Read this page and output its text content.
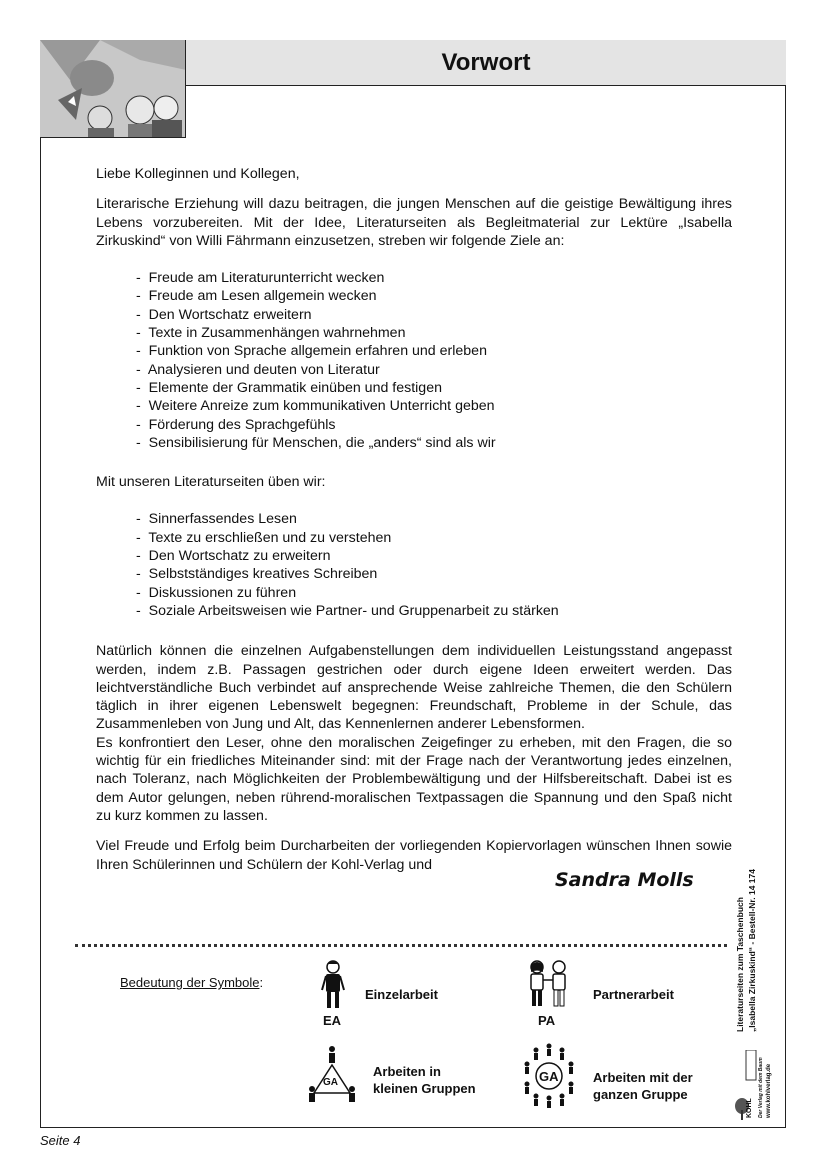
Vorwort

Liebe Kolleginnen und Kollegen,

Literarische Erziehung will dazu beitragen, die jungen Menschen auf die geistige Bewältigung ihres Lebens vorzubereiten. Mit der Idee, Literaturseiten als Begleitmaterial zur Lektüre „Isabella Zirkuskind“ von Willi Fährmann einzusetzen, streben wir folgende Ziele an:

- Freude am Literaturunterricht wecken
- Freude am Lesen allgemein wecken
- Den Wortschatz erweitern
- Texte in Zusammenhängen wahrnehmen
- Funktion von Sprache allgemein erfahren und erleben
- Analysieren und deuten von Literatur
- Elemente der Grammatik einüben und festigen
- Weitere Anreize zum kommunikativen Unterricht geben
- Förderung des Sprachgefühls
- Sensibilisierung für Menschen, die „anders“ sind als wir

Mit unseren Literaturseiten üben wir:

- Sinnerfassendes Lesen
- Texte zu erschließen und zu verstehen
- Den Wortschatz zu erweitern
- Selbstständiges kreatives Schreiben
- Diskussionen zu führen
- Soziale Arbeitsweisen wie Partner- und Gruppenarbeit zu stärken

Natürlich können die einzelnen Aufgabenstellungen dem individuellen Leistungsstand angepasst werden, indem z.B. Passagen gestrichen oder durch eigene Ideen erweitert werden. Das leichtverständliche Buch verbindet auf ansprechende Weise zahlreiche Themen, die den Schülern täglich in ihrer eigenen Lebenswelt begegnen: Freundschaft, Probleme in der Schule, das Zusammenleben von Jung und Alt, das Kennenlernen anderer Lebensformen.

Es konfrontiert den Leser, ohne den moralischen Zeigefinger zu erheben, mit den Fragen, die so wichtig für ein friedliches Miteinander sind: mit der Frage nach der Verantwortung jedes einzelnen, nach Toleranz, nach Möglichkeiten der Problembewältigung und der Hilfsbereitschaft. Dabei ist es dem Autor gelungen, neben rührend-moralischen Textpassagen die Spannung und den Spaß nicht zu kurz kommen zu lassen.

Viel Freude und Erfolg beim Durcharbeiten der vorliegenden Kopiervorlagen wünschen Ihnen sowie Ihren Schülerinnen und Schülern der Kohl-Verlag und

Sandra Molls
Bedeutung der Symbole:
EA
Einzelarbeit
PA
Partnerarbeit
GA
Arbeiten in
kleinen Gruppen
GA	Arbeiten mit der
ganzen Gruppe
Literaturseiten zum Taschenbuch „Isabella Zirkuskind“ - Bestell-Nr. 14 174
KOHL Der Verlag mit dem Baum www.kohlverlag.de
Seite 4
